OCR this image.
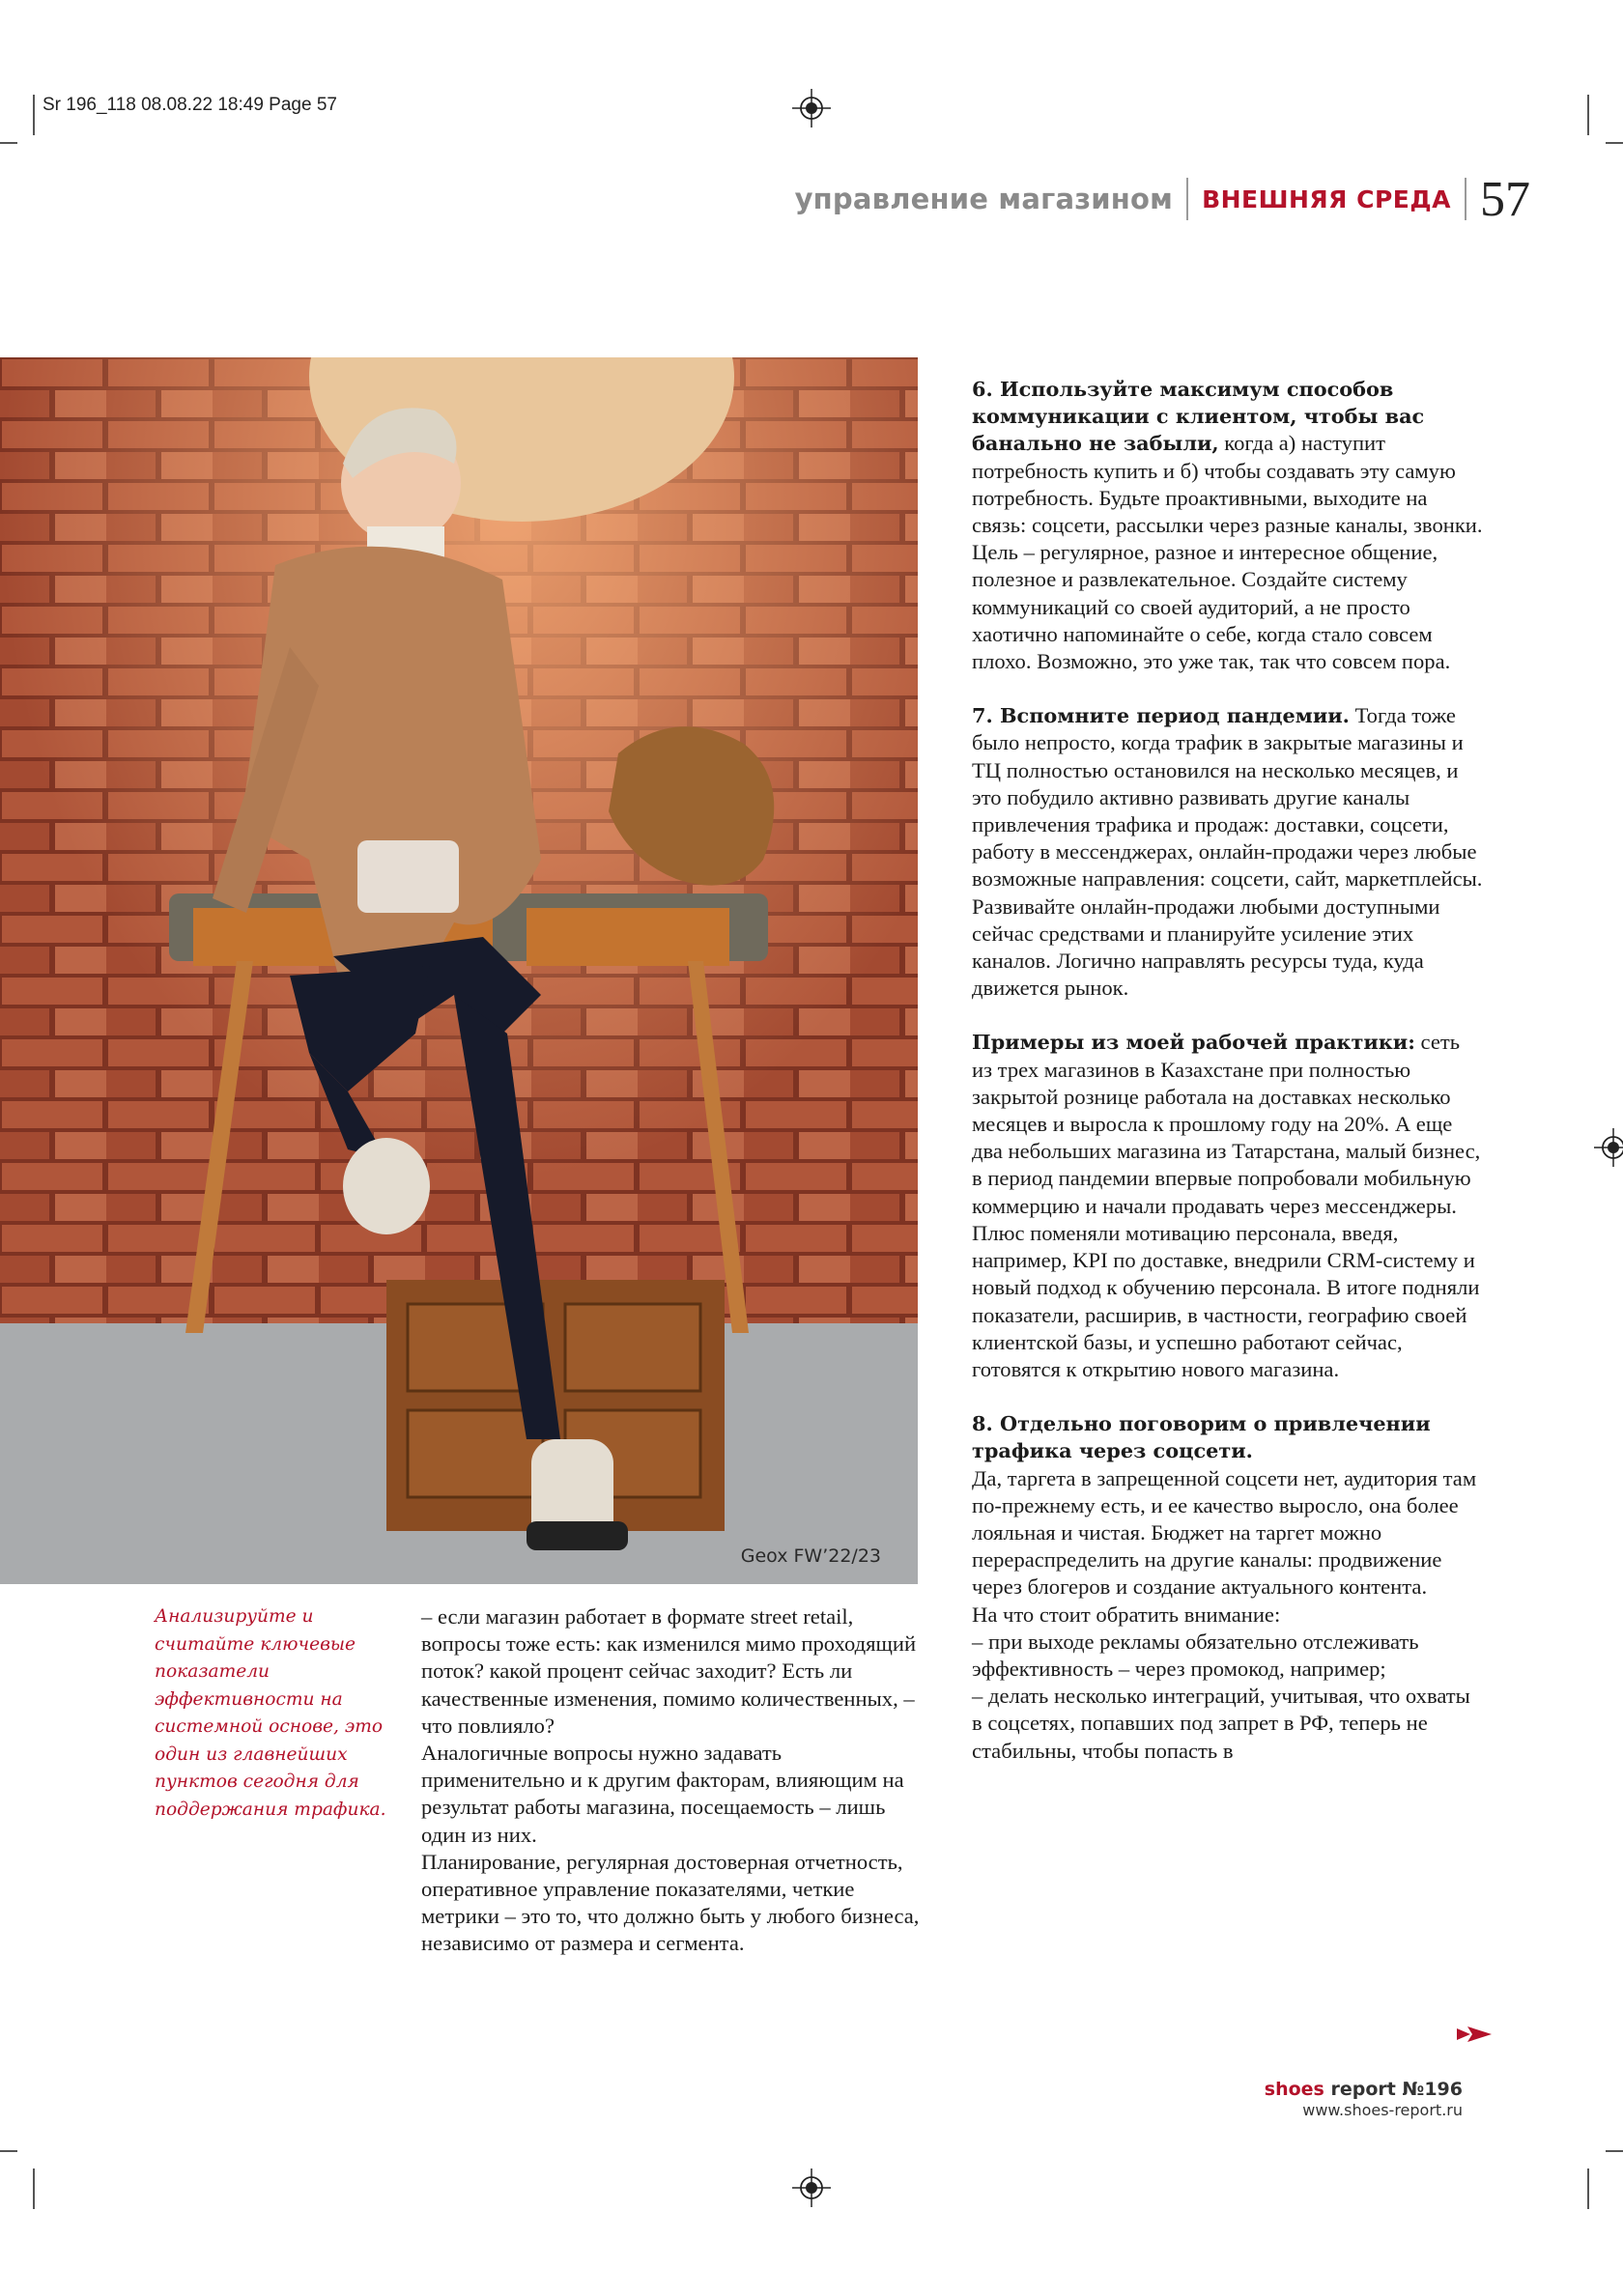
Sr 196_118 08.08.22 18:49 Page 57
управление магазином ВНЕШНЯЯ СРЕДА 57
Geox FW’22/23
Анализируйте и считайте ключевые показатели эффективности на системной основе, это один из главнейших пунктов сегодня для поддержания трафика.

– если магазин работает в формате street retail, вопросы тоже есть: как изменился мимо проходящий поток? какой процент сейчас заходит? Есть ли качественные изменения, помимо количественных, – что повлияло?

Аналогичные вопросы нужно задавать применительно и к другим факторам, влияющим на результат работы магазина, посещаемость – лишь один из них.

Планирование, регулярная достоверная отчетность, оперативное управление показателями, четкие метрики – это то, что должно быть у любого бизнеса, независимо от размера и сегмента.

6. Используйте максимум способов коммуникации с клиентом, чтобы вас банально не забыли, когда а) наступит потребность купить и б) чтобы создавать эту самую потребность. Будьте проактивными, выходите на связь: соцсети, рассылки через разные каналы, звонки. Цель – регулярное, разное и интересное общение, полезное и развлекательное. Создайте систему коммуникаций со своей аудиторий, а не просто хаотично напоминайте о себе, когда стало совсем плохо. Возможно, это уже так, так что совсем пора.

7. Вспомните период пандемии. Тогда тоже было непросто, когда трафик в закрытые магазины и ТЦ полностью остановился на несколько месяцев, и это побудило активно развивать другие каналы привлечения трафика и продаж: доставки, соцсети, работу в мессенджерах, онлайн-продажи через любые возможные направления: соцсети, сайт, маркетплейсы. Развивайте онлайн-продажи любыми доступными сейчас средствами и планируйте усиление этих каналов. Логично направлять ресурсы туда, куда движется рынок.

Примеры из моей рабочей практики: сеть из трех магазинов в Казахстане при полностью закрытой рознице работала на доставках несколько месяцев и выросла к прошлому году на 20%. А еще два небольших магазина из Татарстана, малый бизнес, в период пандемии впервые попробовали мобильную коммерцию и начали продавать через мессенджеры. Плюс поменяли мотивацию персонала, введя, например, KPI по доставке, внедрили CRM-систему и новый подход к обучению персонала. В итоге подняли показатели, расширив, в частности, географию своей клиентской базы, и успешно работают сейчас, готовятся к открытию нового магазина.

8. Отдельно поговорим о привлечении трафика через соцсети.
Да, таргета в запрещенной соцсети нет, аудитория там по-прежнему есть, и ее качество выросло, она более лояльная и чистая. Бюджет на таргет можно перераспределить на другие каналы: продвижение через блогеров и создание актуального контента.
На что стоит обратить внимание:
– при выходе рекламы обязательно отслеживать эффективность – через промокод, например;
– делать несколько интеграций, учитывая, что охваты в соцсетях, попавших под запрет в РФ, теперь не стабильны, чтобы попасть в

shoes report №196
www.shoes-report.ru
